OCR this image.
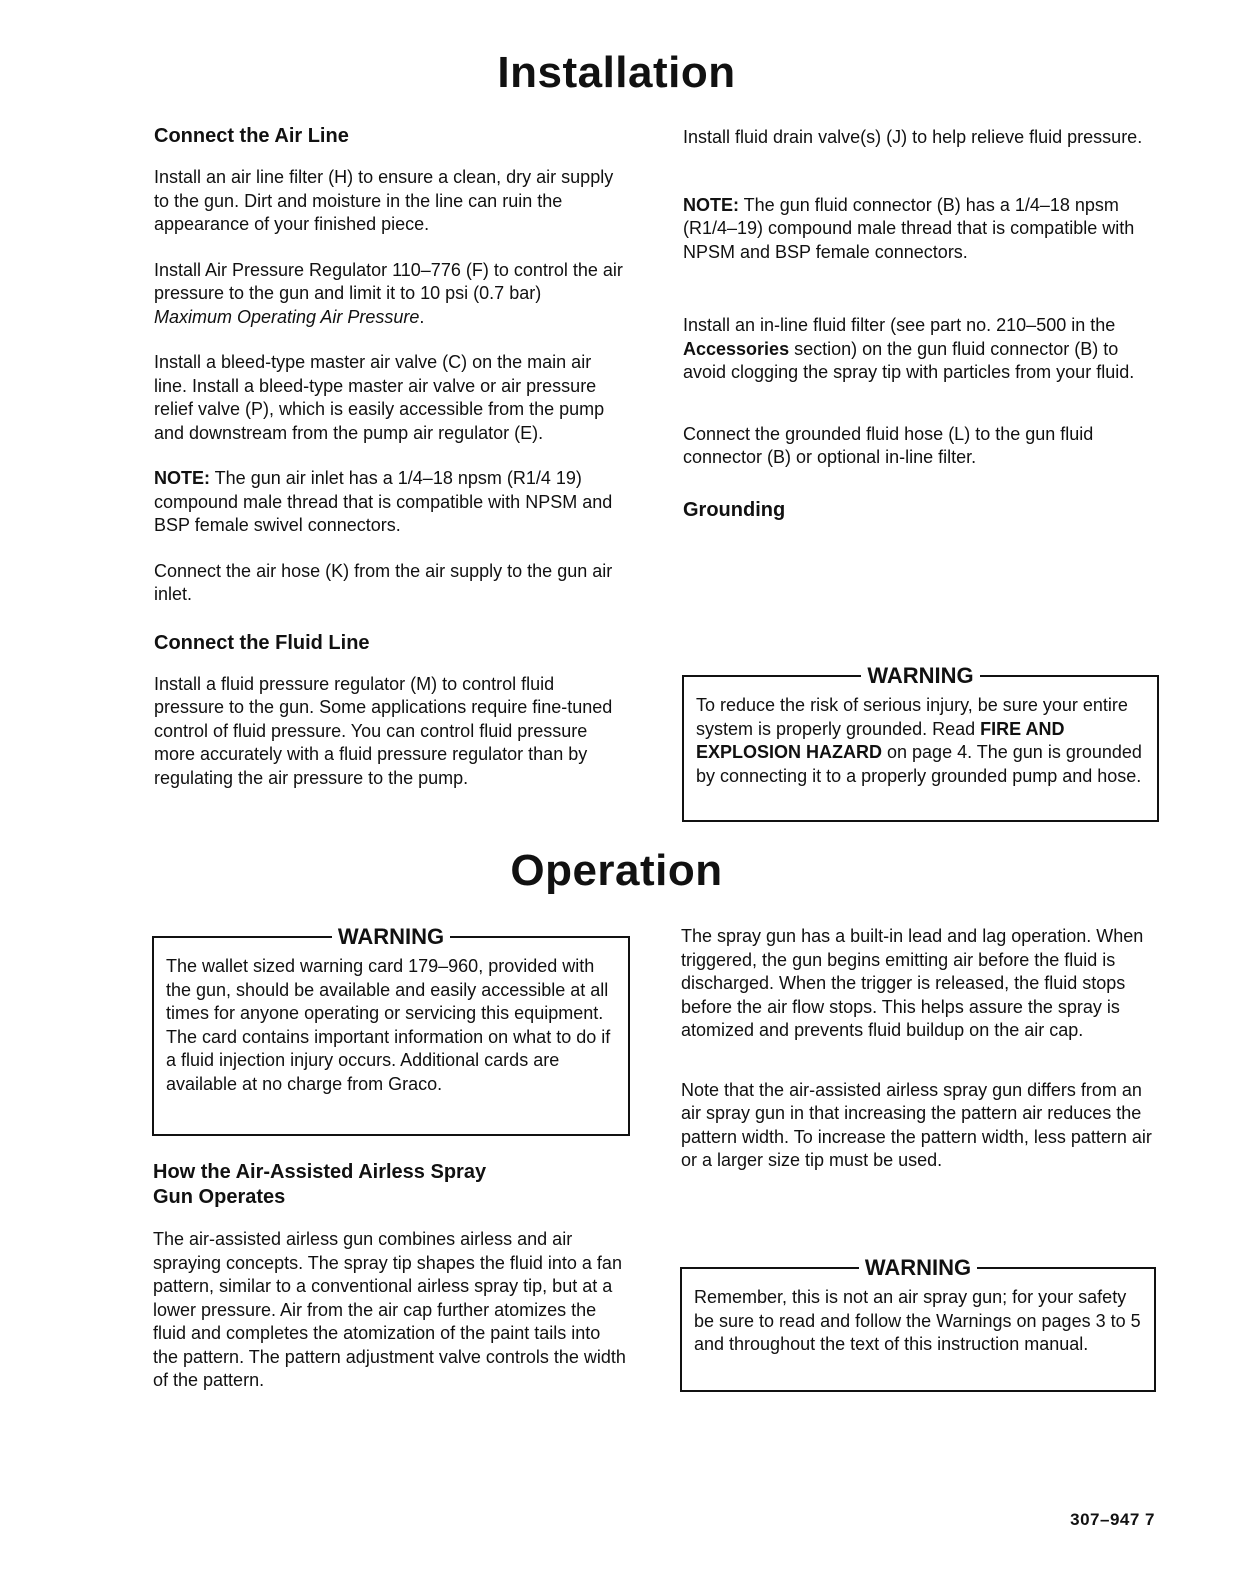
Installation
Connect the Air Line

Install an air line filter (H) to ensure a clean, dry air supply to the gun. Dirt and moisture in the line can ruin the appearance of your finished piece.

Install Air Pressure Regulator 110–776 (F) to control the air pressure to the gun and limit it to 10 psi (0.7 bar) Maximum Operating Air Pressure.

Install a bleed-type master air valve (C) on the main air line. Install a bleed-type master air valve or air pressure relief valve (P), which is easily accessible from the pump and downstream from the pump air regulator (E).

NOTE: The gun air inlet has a 1/4–18 npsm (R1/4 19) compound male thread that is compatible with NPSM and BSP female swivel connectors.

Connect the air hose (K) from the air supply to the gun air inlet.

Connect the Fluid Line

Install a fluid pressure regulator (M) to control fluid pressure to the gun. Some applications require fine-tuned control of fluid pressure. You can control fluid pressure more accurately with a fluid pressure regulator than by regulating the air pressure to the pump.

Install fluid drain valve(s) (J) to help relieve fluid pressure.

NOTE: The gun fluid connector (B) has a 1/4–18 npsm (R1/4–19) compound male thread that is compatible with NPSM and BSP female connectors.

Install an in-line fluid filter (see part no. 210–500 in the Accessories section) on the gun fluid connector (B) to avoid clogging the spray tip with particles from your fluid.

Connect the grounded fluid hose (L) to the gun fluid connector (B) or optional in-line filter.

Grounding
WARNING
To reduce the risk of serious injury, be sure your entire system is properly grounded. Read FIRE AND EXPLOSION HAZARD on page 4. The gun is grounded by connecting it to a properly grounded pump and hose.
Operation
WARNING
The wallet sized warning card 179–960, provided with the gun, should be available and easily accessible at all times for anyone operating or servicing this equipment. The card contains important information on what to do if a fluid injection injury occurs. Additional cards are available at no charge from Graco.
How the Air-Assisted Airless Spray Gun Operates

The air-assisted airless gun combines airless and air spraying concepts. The spray tip shapes the fluid into a fan pattern, similar to a conventional airless spray tip, but at a lower pressure. Air from the air cap further atomizes the fluid and completes the atomization of the paint tails into the pattern. The pattern adjustment valve controls the width of the pattern.

The spray gun has a built-in lead and lag operation. When triggered, the gun begins emitting air before the fluid is discharged. When the trigger is released, the fluid stops before the air flow stops. This helps assure the spray is atomized and prevents fluid buildup on the air cap.

Note that the air-assisted airless spray gun differs from an air spray gun in that increasing the pattern air reduces the pattern width. To increase the pattern width, less pattern air or a larger size tip must be used.

WARNING
Remember, this is not an air spray gun; for your safety be sure to read and follow the Warnings on pages 3 to 5 and throughout the text of this instruction manual.
307–947 7
